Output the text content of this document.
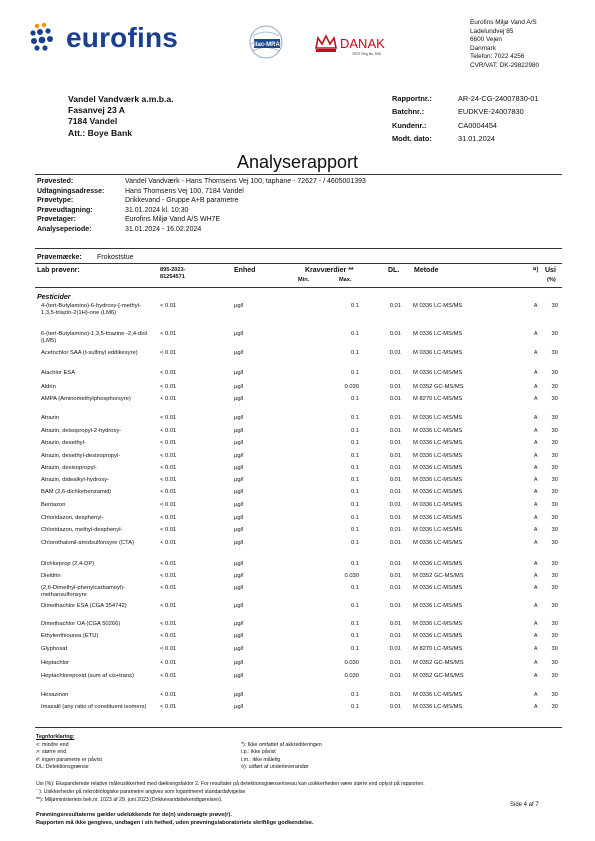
eurofins	ilac-MRA	DANAK
TEST Reg.No. 535
Eurofins Miljø Vand A/S
Ladelundvej 85
6600 Vejen
Danmark
Telefon: 7022 4256
CVR/VAT: DK-29822980
Vandel Vandværk a.m.b.a.
Fasanvej 23 A
7184 Vandel
Att.: Boye Bank
Rapportnr.:	AR-24-CG-24007830-01
Batchnr.:	EUDKVE-24007830
Kundenr.:	CA0004454
Modt. dato:	31.01.2024
Analyserapport
Prøvested:	Vandel Vandværk - Hans Thomsens Vej 100, taphane - 72627 - / 4605001393
Udtagningsadresse:	Hans Thomsens Vej 100, 7184 Vandel
Prøvetype:	Drikkevand - Gruppe A+B parametre
Prøveudtagning:	31.01.2024 kl. 10:30
Prøvetager:	Eurofins Miljø Vand A/S WH7E
Analyseperiode:	31.01.2024 - 16.02.2024
Prøvemærke: Frokoststue
Lab prøvenr:	895-2023-
81254571
Enhed	Kravværdier **
Min.	Max.
DL. Metode	¤) Usi
(%)
Pesticider
4-(tert-Butylamino)-6-hydroxy-[-methyl-1,3,5-triazin-2(1H)-one (LM6)
< 0.01	µg/l	0.1	0.01 M 0336 LC-MS/MS	A	30
6-(tert-Butylamino)-1,3,5-triazine -2,4-diol (LM5)
< 0.01	µg/l	0.1	0.01 M 0336 LC-MS/MS	A	30
Acetochlor SAA (t-sulfinyl eddikesyre)	< 0.01	µg/l	0.1	0.01 M 0336 LC-MS/MS	A	30
Alachlor ESA	< 0.01	µg/l	0.1	0.01 M 0336 LC-MS/MS	A	30
Aldrin	< 0.01	µg/l	0.030	0.01 M 0352 GC-MS/MS	A	30
AMPA (Aminomethylphosphorsyre)	< 0.01	µg/l	0.1	0.01 M 8270 LC-MS/MS	A	30
Atrazin	< 0.01	µg/l	0.1	0.01 M 0336 LC-MS/MS	A	30
Atrazin, deisopropyl-2-hydroxy-	< 0.01	µg/l	0.1	0.01 M 0336 LC-MS/MS	A	30
Atrazin, desethyl-	< 0.01	µg/l	0.1	0.01 M 0336 LC-MS/MS	A	30
Atrazin, desethyl-desisopropyl-	< 0.01	µg/l	0.1	0.01 M 0336 LC-MS/MS	A	30
Atrazin, desisopropyl-	< 0.01	µg/l	0.1	0.01 M 0336 LC-MS/MS	A	30
Atrazin, didealkyl-hydroxy-	< 0.01	µg/l	0.1	0.01 M 0336 LC-MS/MS	A	30
BAM (2,6-dichlorbenzamid)	< 0.01	µg/l	0.1	0.01 M 0336 LC-MS/MS	A	30
Bentazon	< 0.01	µg/l	0.1	0.01 M 0336 LC-MS/MS	A	30
Chloridazon, desphenyl-	< 0.01	µg/l	0.1	0.01 M 0336 LC-MS/MS	A	30
Chloridazon, methyl-desphenyl-	< 0.01	µg/l	0.1	0.01 M 0336 LC-MS/MS	A	30
Chlorothalonil-amidsulfonsyre (CTA)	< 0.01	µg/l	0.1	0.01 M 0336 LC-MS/MS	A	30
Dichlorprop (2,4-DP)	< 0.01	µg/l	0.1	0.01 M 0336 LC-MS/MS	A	30
Dieldrin	< 0.01	µg/l	0.030	0.01 M 0352 GC-MS/MS	A	30
(2,6-Dimethyl-phenylcarbamoyl)-methansulfonsyre
< 0.01	µg/l	0.1	0.01 M 0336 LC-MS/MS	A	30
Dimethachlor ESA (CGA 354742)	< 0.01	µg/l	0.1	0.01 M 0336 LC-MS/MS	A	30
Dimethachlor OA (CGA 50266)	< 0.01	µg/l	0.1	0.01 M 0336 LC-MS/MS	A	30
Ethylenthiourea (ETU)	< 0.01	µg/l	0.1	0.01 M 0336 LC-MS/MS	A	30
Glyphosat	< 0.01	µg/l	0.1	0.01 M 8270 LC-MS/MS	A	30
Heptachlor	< 0.01	µg/l	0.030	0.01 M 0352 GC-MS/MS	A	30
Heptachlorepoxid (sum af cis+trans)	< 0.01	µg/l	0.030	0.01 M 0352 GC-MS/MS	A	30
Hexazinon	< 0.01	µg/l	0.1	0.01 M 0336 LC-MS/MS	A	30
Imazalil (any ratio of constituent isomers)	< 0.01	µg/l	0.1	0.01 M 0336 LC-MS/MS	A	30
Tegnforklaring:
<: mindre end
>: større end
#: ingen parametre er påvist
DL: Detektionsgrænse
*): Ikke omfattet af akkrediteringen
i.p.: ikke påvist
i.m.: ikke målelig
¤): udført af underleverandør
Usi (%): Ekspanderede relative måleusikkerhed med dækningsfaktor 2. For resultater på detektionsgrænseniveau kan usikkerheden være større end oplyst på rapporten.
¨ ): Usikkerheder på mikrobiologiske parametre angives som logaritmeret standardafvigelse
**): Miljøministeriets bek.nr. 1023 af 29. juni 2023 (Drikkevandsbekendtgørelsen).
Side 4 af 7
Prøvningsresultaterne gælder udelukkende for de(n) undersøgte prøve(r).
Rapporten må ikke gengives, undtagen i sin helhed, uden prøvningslaboratoriets skriftlige godkendelse.
